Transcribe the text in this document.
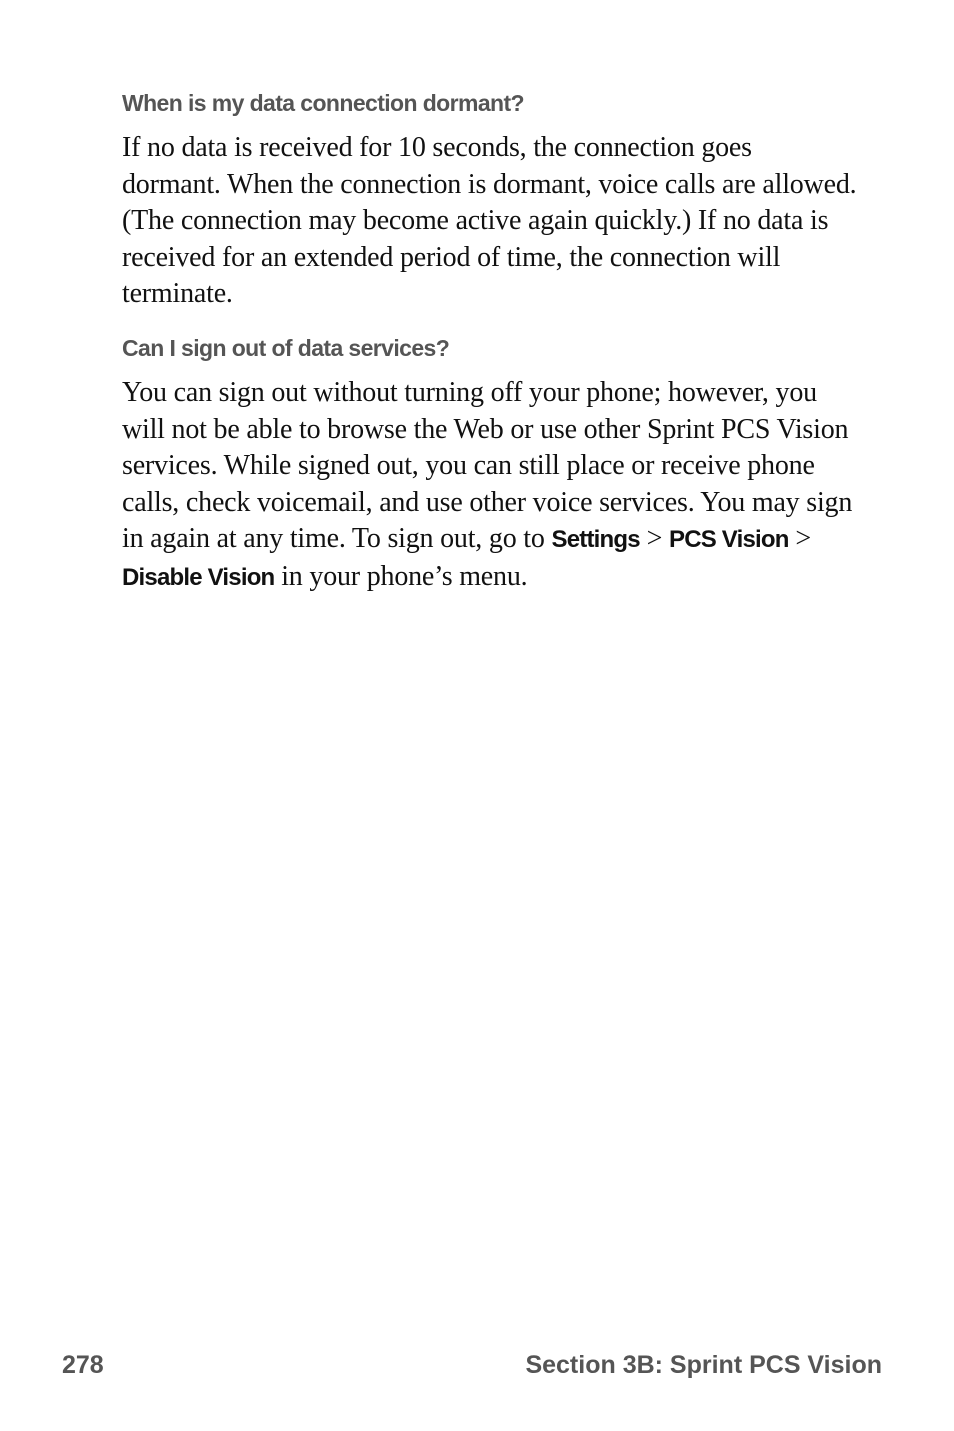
When is my data connection dormant?

If no data is received for 10 seconds, the connection goes dormant. When the connection is dormant, voice calls are allowed. (The connection may become active again quickly.) If no data is received for an extended period of time, the connection will terminate.

Can I sign out of data services?

You can sign out without turning off your phone; however, you will not be able to browse the Web or use other Sprint PCS Vision services. While signed out, you can still place or receive phone calls, check voicemail, and use other voice services. You may sign in again at any time. To sign out, go to Settings > PCS Vision > Disable Vision in your phone’s menu.

278	Section 3B: Sprint PCS Vision
